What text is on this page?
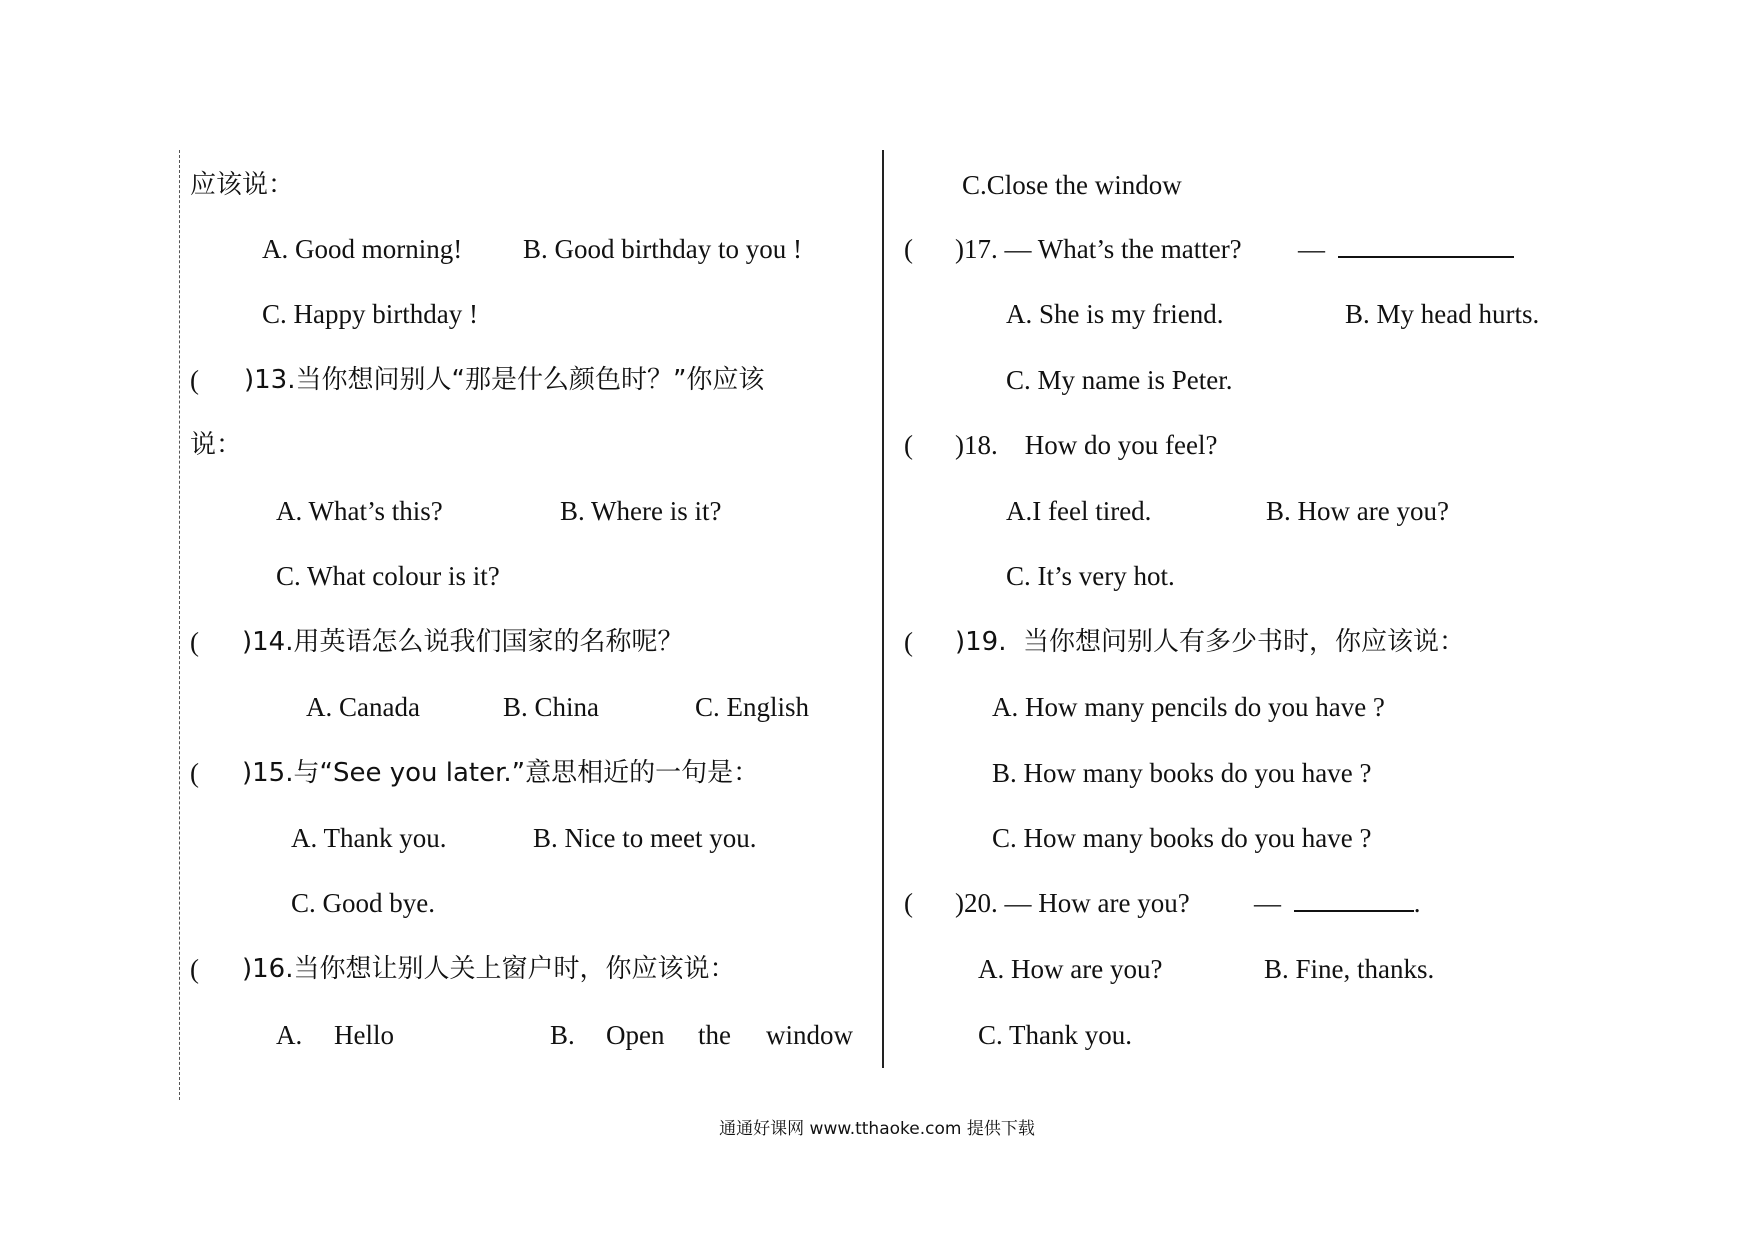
应该说：
A. Good morning! B. Good birthday to you !
C. Happy birthday !
( )13.当你想问别人“那是什么颜色时？”你应该
说：
A. What’s this?	B. Where is it?
C. What colour is it?
( )14.用英语怎么说我们国家的名称呢？
A. Canada	B. China	C. English
( )15.与“See you later.”意思相近的一句是：
A. Thank you.	B. Nice to meet you.
C. Good bye.
( )16.当你想让别人关上窗户时，你应该说：
A. Hello	B. Open the window
C.Close the window
( )17. — What’s the matter? —
A. She is my friend.	B. My head hurts.
C. My name is Peter.
( )18.    How do you feel?
A.I feel tired.	B. How are you?
C. It’s very hot.
( )19.  当你想问别人有多少书时，你应该说：
A. How many pencils do you have ?
B. How many books do you have ?
C. How many books do you have ?
( )20. — How are you? —	.
A. How are you?	B. Fine, thanks.
C. Thank you.
通通好课网 www.tthaoke.com 提供下载
